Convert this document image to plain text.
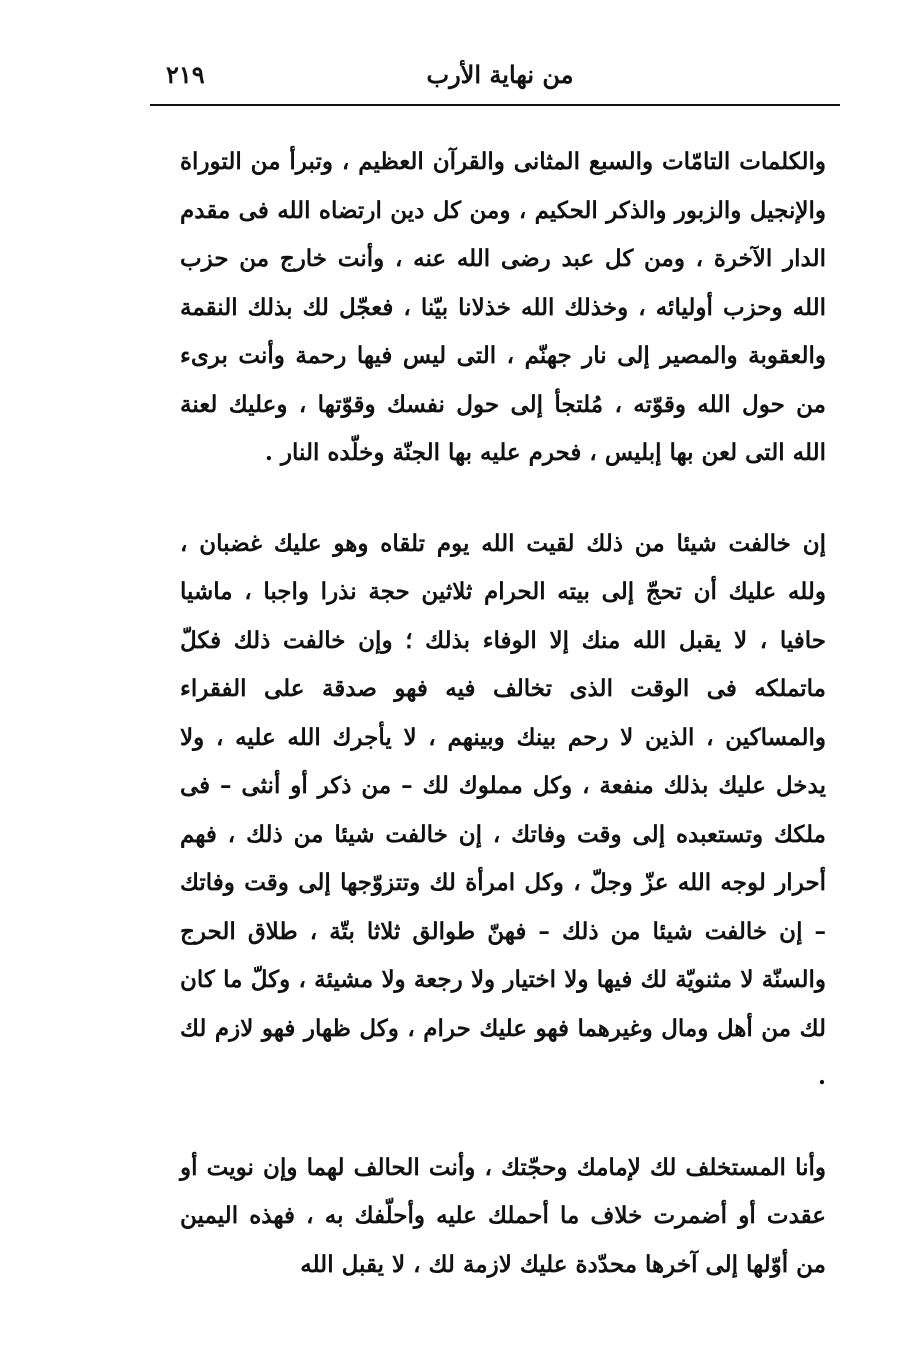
٢١٩	من نهاية الأرب

والكلمات التامّات والسبع المثانى والقرآن العظيم ، وتبرأ من التوراة والإنجيل والزبور والذكر الحكيم ، ومن كل دين ارتضاه الله فى مقدم الدار الآخرة ، ومن كل عبد رضى الله عنه ، وأنت خارج من حزب الله وحزب أوليائه ، وخذلك الله خذلانا بيّنا ، فعجّل لك بذلك النقمة والعقوبة والمصير إلى نار جهنّم ، التى ليس فيها رحمة وأنت برىء من حول الله وقوّته ، مُلتجأ إلى حول نفسك وقوّتها ، وعليك لعنة الله التى لعن بها إبليس ، فحرم عليه بها الجنّة وخلّده النار .

إن خالفت شيئا من ذلك لقيت الله يوم تلقاه وهو عليك غضبان ، ولله عليك أن تحجّ إلى بيته الحرام ثلاثين حجة نذرا واجبا ، ماشيا حافيا ، لا يقبل الله منك إلا الوفاء بذلك ؛ وإن خالفت ذلك فكلّ ماتملكه فى الوقت الذى تخالف فيه فهو صدقة على الفقراء والمساكين ، الذين لا رحم بينك وبينهم ، لا يأجرك الله عليه ، ولا يدخل عليك بذلك منفعة ، وكل مملوك لك – من ذكر أو أنثى – فى ملكك وتستعبده إلى وقت وفاتك ، إن خالفت شيئا من ذلك ، فهم أحرار لوجه الله عزّ وجلّ ، وكل امرأة لك وتتزوّجها إلى وقت وفاتك – إن خالفت شيئا من ذلك – فهنّ طوالق ثلاثا بتّة ، طلاق الحرج والسنّة لا مثنويّة لك فيها ولا اختيار ولا رجعة ولا مشيئة ، وكلّ ما كان لك من أهل ومال وغيرهما فهو عليك حرام ، وكل ظهار فهو لازم لك .

وأنا المستخلف لك لإمامك وحجّتك ، وأنت الحالف لهما وإن نويت أو عقدت أو أضمرت خلاف ما أحملك عليه وأحلّفك به ، فهذه اليمين من أوّلها إلى آخرها محدّدة عليك لازمة لك ، لا يقبل الله
